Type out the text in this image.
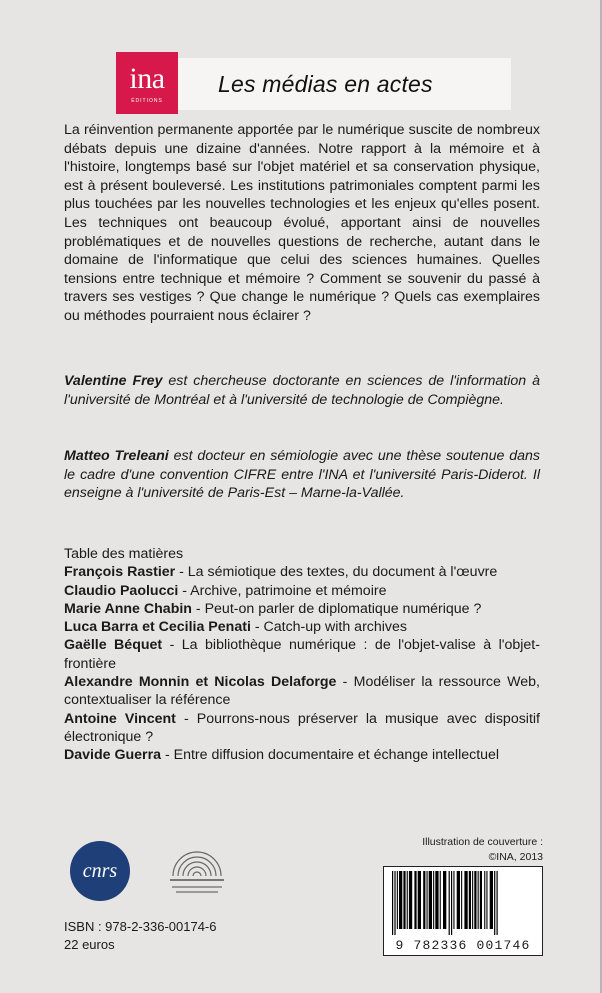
ina
ÉDITIONS
Les médias en actes

La réinvention permanente apportée par le numérique suscite de nombreux débats depuis une dizaine d'années. Notre rapport à la mémoire et à l'histoire, longtemps basé sur l'objet matériel et sa conservation physique, est à présent bouleversé. Les institutions patrimoniales comptent parmi les plus touchées par les nouvelles technologies et les enjeux qu'elles posent. Les techniques ont beaucoup évolué, apportant ainsi de nouvelles problématiques et de nouvelles questions de recherche, autant dans le domaine de l'informatique que celui des sciences humaines. Quelles tensions entre technique et mémoire ? Comment se souvenir du passé à travers ses vestiges ? Que change le numérique ? Quels cas exemplaires ou méthodes pourraient nous éclairer ?

Valentine Frey est chercheuse doctorante en sciences de l'information à l'université de Montréal et à l'université de technologie de Compiègne.

Matteo Treleani est docteur en sémiologie avec une thèse soutenue dans le cadre d'une convention CIFRE entre l'INA et l'université Paris-Diderot. Il enseigne à l'université de Paris-Est – Marne-la-Vallée.

Table des matières
François Rastier - La sémiotique des textes, du document à l'œuvre
Claudio Paolucci - Archive, patrimoine et mémoire
Marie Anne Chabin - Peut-on parler de diplomatique numérique ?
Luca Barra et Cecilia Penati - Catch-up with archives
Gaëlle Béquet - La bibliothèque numérique : de l'objet-valise à l'objet-frontière
Alexandre Monnin et Nicolas Delaforge - Modéliser la ressource Web, contextualiser la référence
Antoine Vincent - Pourrons-nous préserver la musique avec dispositif électronique ?
Davide Guerra - Entre diffusion documentaire et échange intellectuel
Illustration de couverture :
©INA, 2013
cnrs
ISBN : 978-2-336-00174-6
22 euros	9 782336 001746
